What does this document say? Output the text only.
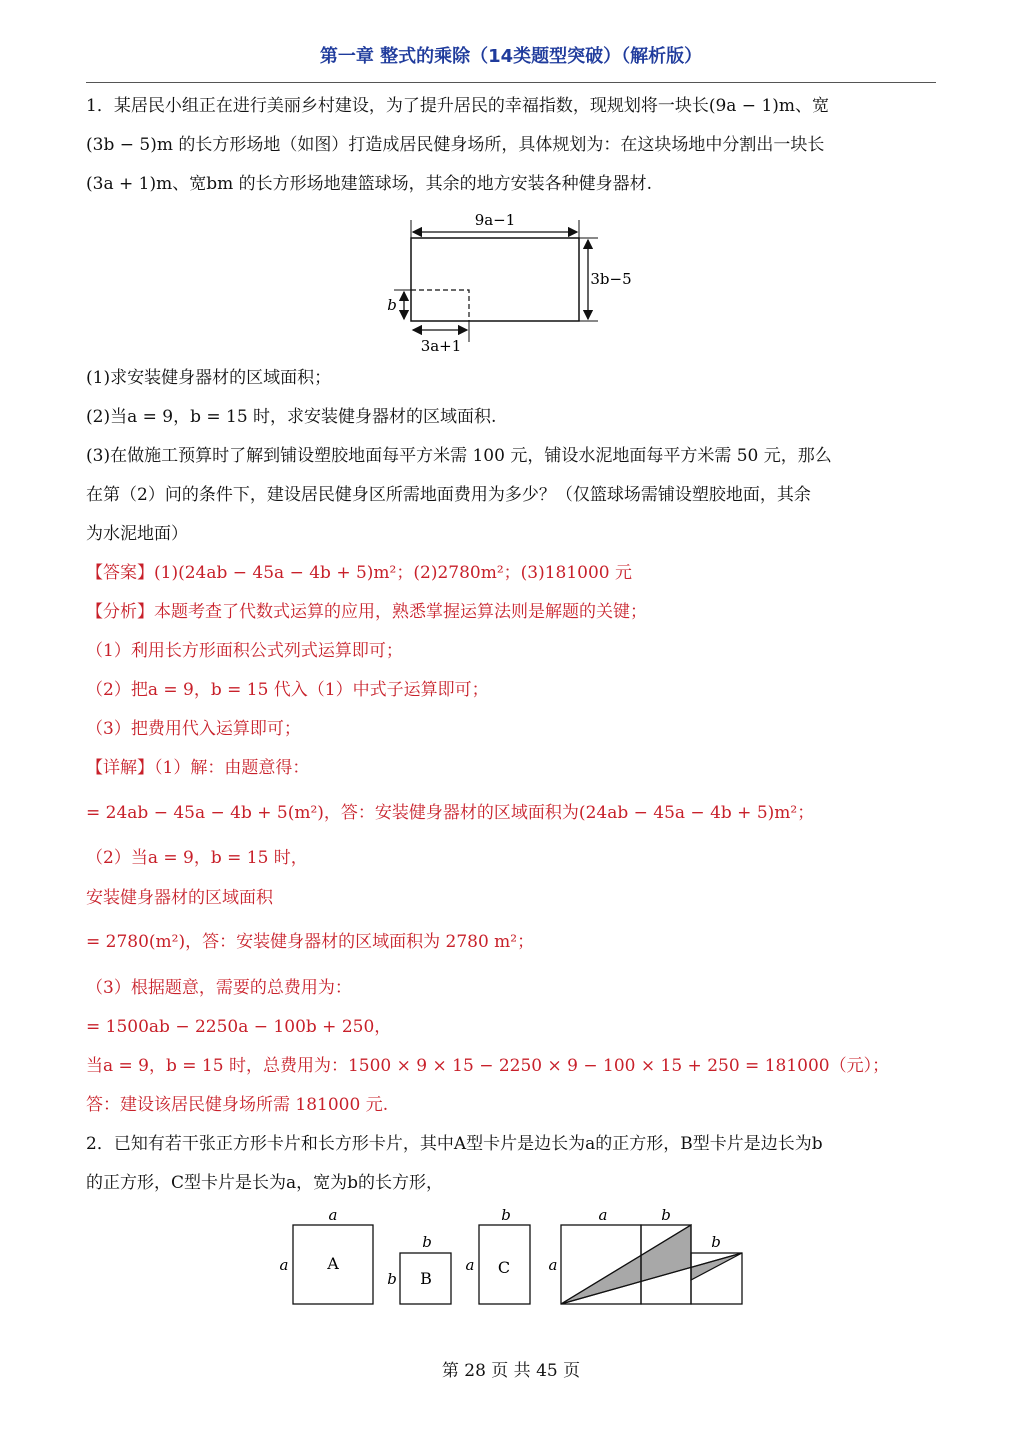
第一章 整式的乘除（14类题型突破）（解析版）
1．某居民小组正在进行美丽乡村建设，为了提升居民的幸福指数，现规划将一块长(9a − 1)m、宽
(3b − 5)m 的长方形场地（如图）打造成居民健身场所，具体规划为：在这块场地中分割出一块长
(3a + 1)m、宽bm 的长方形场地建篮球场，其余的地方安装各种健身器材.
9a−1
3b−5
b
3a+1
(1)求安装健身器材的区域面积；
(2)当a = 9，b = 15 时，求安装健身器材的区域面积.
(3)在做施工预算时了解到铺设塑胶地面每平方米需 100 元，铺设水泥地面每平方米需 50 元，那么
在第（2）问的条件下，建设居民健身区所需地面费用为多少？（仅篮球场需铺设塑胶地面，其余
为水泥地面）
【答案】(1)(24ab − 45a − 4b + 5)m²；(2)2780m²；(3)181000 元
【分析】本题考查了代数式运算的应用，熟悉掌握运算法则是解题的关键；
（1）利用长方形面积公式列式运算即可；
（2）把a = 9，b = 15 代入（1）中式子运算即可；
（3）把费用代入运算即可；
【详解】（1）解：由题意得：
= 24ab − 45a − 4b + 5(m²)，答：安装健身器材的区域面积为(24ab − 45a − 4b + 5)m²；
（2）当a = 9，b = 15 时，
安装健身器材的区域面积
= 2780(m²)，答：安装健身器材的区域面积为 2780 m²；
（3）根据题意，需要的总费用为：
= 1500ab − 2250a − 100b + 250，
当a = 9，b = 15 时，总费用为：1500 × 9 × 15 − 2250 × 9 − 100 × 15 + 250 = 181000（元）；
答：建设该居民健身场所需 181000 元.
2．已知有若干张正方形卡片和长方形卡片，其中A型卡片是边长为a的正方形，B型卡片是边长为b
的正方形，C型卡片是长为a，宽为b的长方形，
A
a
a
B
b
b
C
b
a
a	b
b
a
第 28 页 共 45 页
